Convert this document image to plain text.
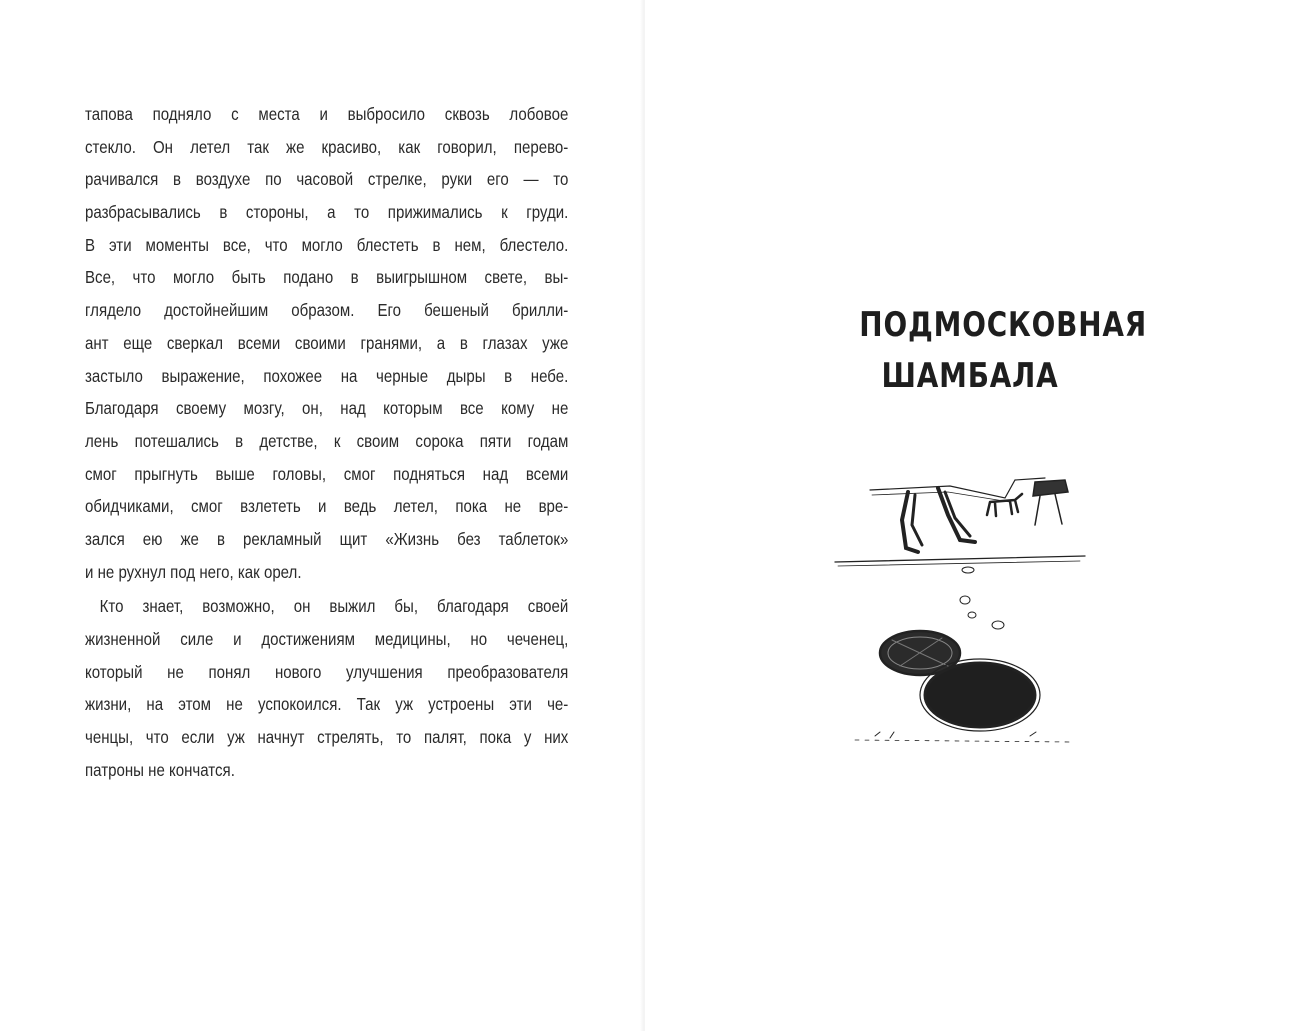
тапова подняло с места и выбросило сквозь лобовое
стекло. Он летел так же красиво, как говорил, перево-
рачивался в воздухе по часовой стрелке, руки его — то
разбрасывались в стороны, а то прижимались к груди.
В эти моменты все, что могло блестеть в нем, блестело.
Все, что могло быть подано в выигрышном свете, вы-
глядело достойнейшим образом. Его бешеный брилли-
ант еще сверкал всеми своими гранями, а в глазах уже
застыло выражение, похожее на черные дыры в небе.
Благодаря своему мозгу, он, над которым все кому не
лень потешались в детстве, к своим сорока пяти годам
смог прыгнуть выше головы, смог подняться над всеми
обидчиками, смог взлететь и ведь летел, пока не вре-
зался ею же в рекламный щит «Жизнь без таблеток»
и не рухнул под него, как орел.
Кто знает, возможно, он выжил бы, благодаря своей
жизненной силе и достижениям медицины, но чеченец,
который не понял нового улучшения преобразователя
жизни, на этом не успокоился. Так уж устроены эти че-
ченцы, что если уж начнут стрелять, то палят, пока у них
патроны не кончатся.
ПОДМОСКОВНАЯ
ШАМБАЛА
